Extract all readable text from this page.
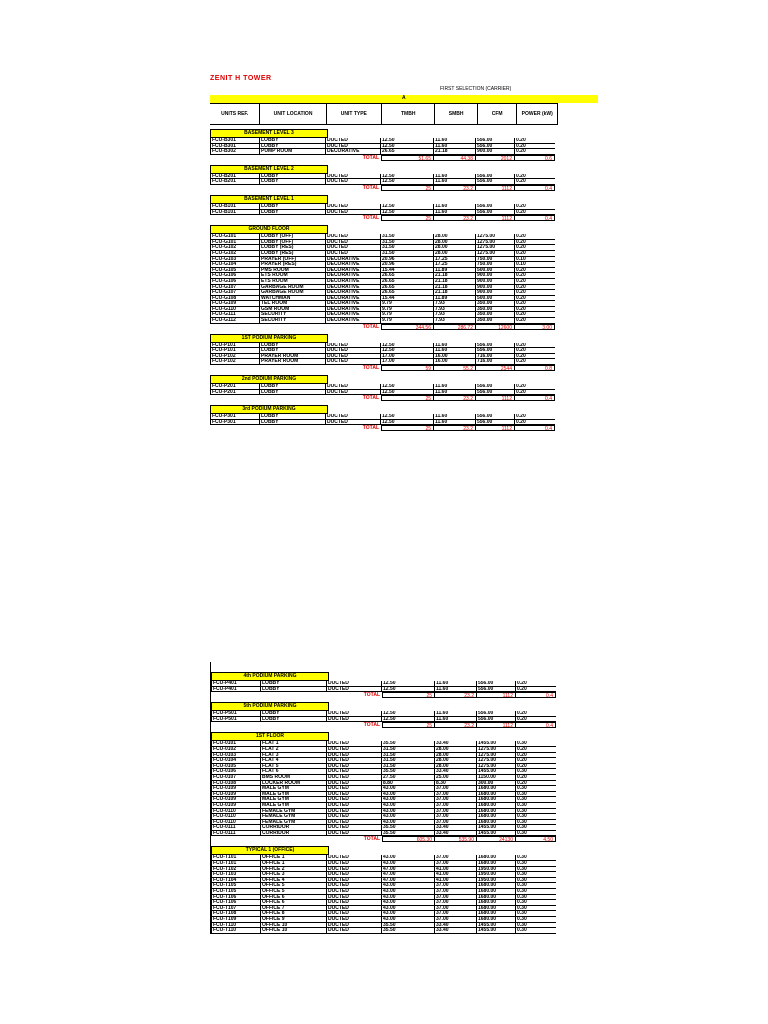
ZENIT H TOWER
FIRST SELECTION (CARRIER)
A
UNITS REF.	UNIT LOCATION	UNIT TYPE	TMBH	SMBH	CFM	POWER (kW)
BASEMENT LEVEL 3
FCU-B301	LOBBY	DUCTED	12.50	11.60	556.00	0.20
FCU-B301	LOBBY	DUCTED	12.50	11.60	556.00	0.20
FCU-B302	PUMP ROOM	DECORATIVE	26.65	21.18	900.00	0.20
TOTAL	51.65	44.38	2012	0.6
BASEMENT LEVEL 2
FCU-B201	LOBBY	DUCTED	12.50	11.60	556.00	0.20
FCU-B201	LOBBY	DUCTED	12.50	11.60	556.00	0.20
TOTAL	25	23.2	1112	0.4
BASEMENT LEVEL 1
FCU-B101	LOBBY	DUCTED	12.50	11.60	556.00	0.20
FCU-B101	LOBBY	DUCTED	12.50	11.60	556.00	0.20
TOTAL	25	23.2	1112	0.4
GROUND FLOOR
FCU-G101	LOBBY (OFF)	DUCTED	31.50	28.00	1275.00	0.20
FCU-G101	LOBBY (OFF)	DUCTED	31.50	28.00	1275.00	0.20
FCU-G102	LOBBY (RES)	DUCTED	31.50	28.00	1275.00	0.20
FCU-G102	LOBBY (RES)	DUCTED	31.50	28.00	1275.00	0.20
FCU-G103	PRAYER (OFF)	DECORATIVE	20.96	17.25	750.00	0.10
FCU-G104	PRAYER (RES)	DECORATIVE	20.96	17.25	750.00	0.10
FCU-G105	PMS ROOM	DECORATIVE	15.44	11.89	500.00	0.20
FCU-G106	ETS ROOM	DECORATIVE	26.65	21.18	900.00	0.20
FCU-G106	ETS ROOM	DECORATIVE	26.65	21.18	900.00	0.20
FCU-G107	GARBAGE ROOM	DECORATIVE	26.65	21.18	900.00	0.20
FCU-G107	GARBAGE ROOM	DECORATIVE	26.65	21.18	900.00	0.20
FCU-G108	WATCHMAN	DECORATIVE	15.44	11.89	500.00	0.20
FCU-G109	TEL ROOM	DECORATIVE	9.79	7.93	350.00	0.20
FCU-G110	GSM ROOM	DECORATIVE	9.79	7.93	350.00	0.20
FCU-G111	SECURITY	DECORATIVE	9.79	7.93	350.00	0.20
FCU-G112	SECURITY	DECORATIVE	9.79	7.93	350.00	0.20
TOTAL	344.56	286.72	12600	3.00
1ST PODIUM PARKING
FCU-P101	LOBBY	DUCTED	12.50	11.60	556.00	0.20
FCU-P101	LOBBY	DUCTED	12.50	11.60	556.00	0.20
FCU-P102	PRAYER ROOM	DUCTED	17.00	16.00	716.00	0.20
FCU-P102	PRAYER ROOM	DUCTED	17.00	16.00	716.00	0.20
TOTAL	59	55.2	2544	0.8
2nd PODIUM PARKING
FCU-P201	LOBBY	DUCTED	12.50	11.60	556.00	0.20
FCU-P201	LOBBY	DUCTED	12.50	11.60	556.00	0.20
TOTAL	25	23.2	1112	0.4
3rd PODIUM PARKING
FCU-P301	LOBBY	DUCTED	12.50	11.60	556.00	0.20
FCU-P301	LOBBY	DUCTED	12.50	11.60	556.00	0.20
TOTAL	25	23.2	1112	0.4
4th PODIUM PARKING
FCU-P401	LOBBY	DUCTED	12.50	11.60	556.00	0.20
FCU-P401	LOBBY	DUCTED	12.50	11.60	556.00	0.20
TOTAL	25	23.2	1112	0.4
5th PODIUM PARKING
FCU-P501	LOBBY	DUCTED	12.50	11.60	556.00	0.20
FCU-P501	LOBBY	DUCTED	12.50	11.60	556.00	0.20
TOTAL	25	23.2	1112	0.4
1ST FLOOR
FCU-0101	FLAT 1	DUCTED	35.50	33.40	1455.00	0.30
FCU-0102	FLAT 2	DUCTED	31.50	28.00	1275.00	0.20
FCU-0103	FLAT 3	DUCTED	31.50	28.00	1275.00	0.20
FCU-0104	FLAT 4	DUCTED	31.50	28.00	1275.00	0.20
FCU-0105	FLAT 5	DUCTED	31.50	28.00	1275.00	0.20
FCU-0106	FLAT 6	DUCTED	35.50	33.40	1455.00	0.30
FCU-0107	BMS ROOM	DUCTED	27.50	25.00	1150.00	0.20
FCU-0108	LOCKER ROOM	DUCTED	8.80	8.30	300.00	0.20
FCU-0109	MALE GYM	DUCTED	43.00	37.00	1680.00	0.30
FCU-0109	MALE GYM	DUCTED	43.00	37.00	1680.00	0.30
FCU-0109	MALE GYM	DUCTED	43.00	37.00	1680.00	0.30
FCU-0109	MALE GYM	DUCTED	43.00	37.00	1680.00	0.30
FCU-0110	FEMALE GYM	DUCTED	43.00	37.00	1680.00	0.30
FCU-0110	FEMALE GYM	DUCTED	43.00	37.00	1680.00	0.30
FCU-0110	FEMALE GYM	DUCTED	43.00	37.00	1680.00	0.30
FCU-0111	CORRIDOR	DUCTED	35.50	33.40	1455.00	0.30
FCU-0111	CORRIDOR	DUCTED	35.50	33.40	1455.00	0.30
TOTAL	605.30	535.90	24130	4.50
TYPICAL 1 (OFFICE)
FCU-T101	OFFICE 1	DUCTED	43.00	37.00	1680.00	0.30
FCU-T101	OFFICE 1	DUCTED	43.00	37.00	1680.00	0.30
FCU-T102	OFFICE 2	DUCTED	47.00	41.00	1950.00	0.30
FCU-T103	OFFICE 3	DUCTED	47.00	41.00	1950.00	0.30
FCU-T104	OFFICE 4	DUCTED	47.00	41.00	1950.00	0.30
FCU-T105	OFFICE 5	DUCTED	43.00	37.00	1680.00	0.30
FCU-T105	OFFICE 5	DUCTED	43.00	37.00	1680.00	0.30
FCU-T106	OFFICE 6	DUCTED	43.00	37.00	1680.00	0.30
FCU-T106	OFFICE 6	DUCTED	43.00	37.00	1680.00	0.30
FCU-T107	OFFICE 7	DUCTED	43.00	37.00	1680.00	0.30
FCU-T108	OFFICE 8	DUCTED	43.00	37.00	1680.00	0.30
FCU-T109	OFFICE 9	DUCTED	43.00	37.00	1680.00	0.30
FCU-T110	OFFICE 10	DUCTED	35.50	33.40	1455.00	0.30
FCU-T110	OFFICE 10	DUCTED	35.50	33.40	1455.00	0.30
